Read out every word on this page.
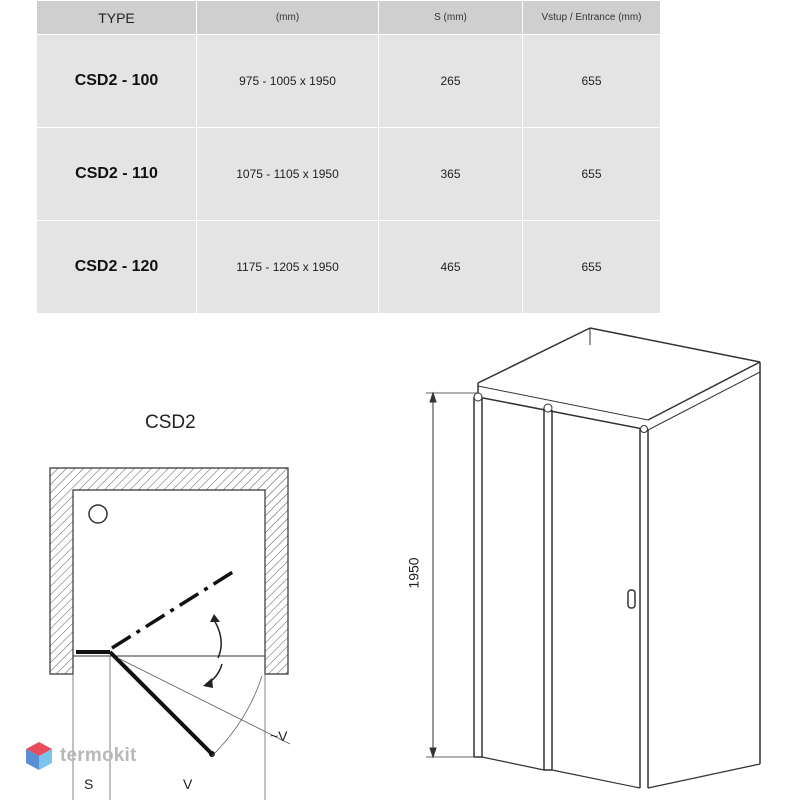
TYPE	(mm)	S (mm)	Vstup / Entrance (mm)
CSD2 - 100	975 - 1005 x 1950	265	655
CSD2 - 110	1075 - 1105 x 1950	365	655
CSD2 - 120	1175 - 1205 x 1950	465	655
CSD2
S	V
~V
1950
termokit
